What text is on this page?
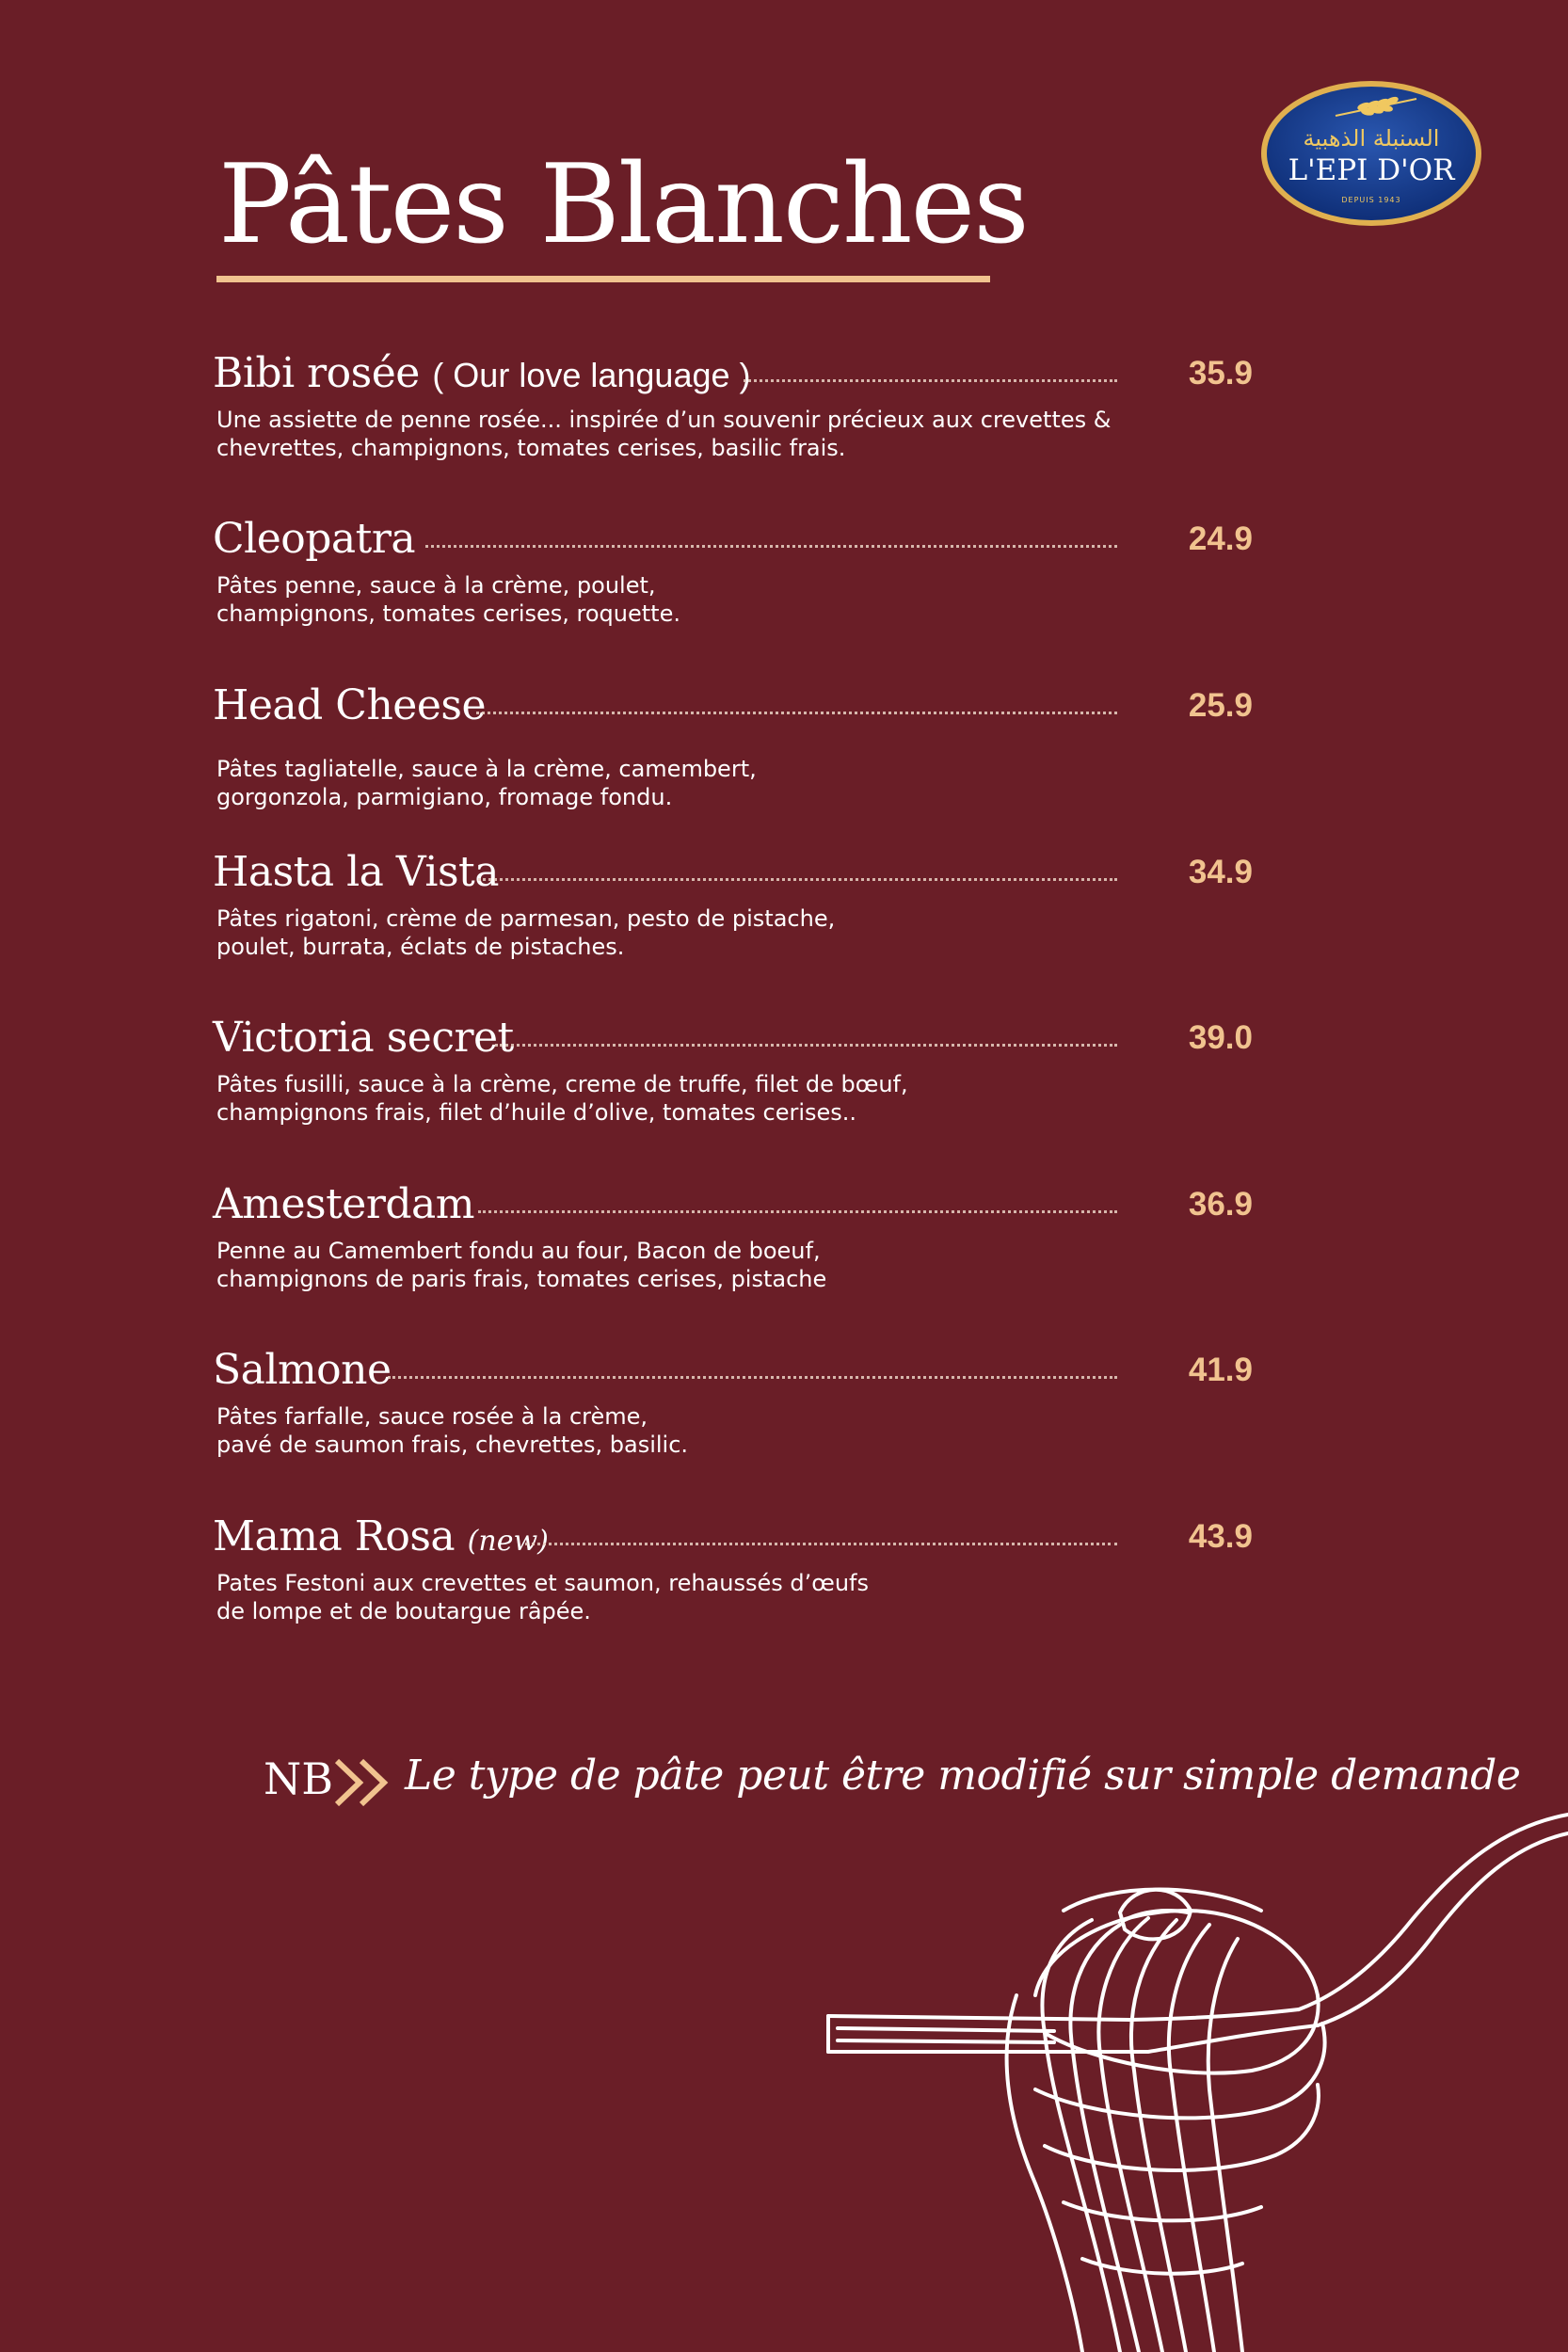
السنبلة الذهبية
L'EPI D'OR
DEPUIS 1943
Pâtes Blanches
Bibi rosée ( Our love language )	35.9
Une assiette de penne rosée... inspirée d’un souvenir précieux aux crevettes &
chevrettes, champignons, tomates cerises, basilic frais.
Cleopatra	24.9
Pâtes penne, sauce à la crème, poulet,
champignons, tomates cerises, roquette.
Head Cheese	25.9
Pâtes tagliatelle, sauce à la crème, camembert,
gorgonzola, parmigiano, fromage fondu.
Hasta la Vista	34.9
Pâtes rigatoni, crème de parmesan, pesto de pistache,
poulet, burrata, éclats de pistaches.
Victoria secret	39.0
Pâtes fusilli, sauce à la crème, creme de truffe, filet de bœuf,
champignons frais, filet d’huile d’olive, tomates cerises..
Amesterdam	36.9
Penne au Camembert fondu au four, Bacon de boeuf,
champignons de paris frais, tomates cerises, pistache
Salmone	41.9
Pâtes farfalle, sauce rosée à la crème,
pavé de saumon frais, chevrettes, basilic.
Mama Rosa (new)	43.9
Pates Festoni aux crevettes et saumon, rehaussés d’œufs
de lompe et de boutargue râpée.
NB Le type de pâte peut être modifié sur simple demande
